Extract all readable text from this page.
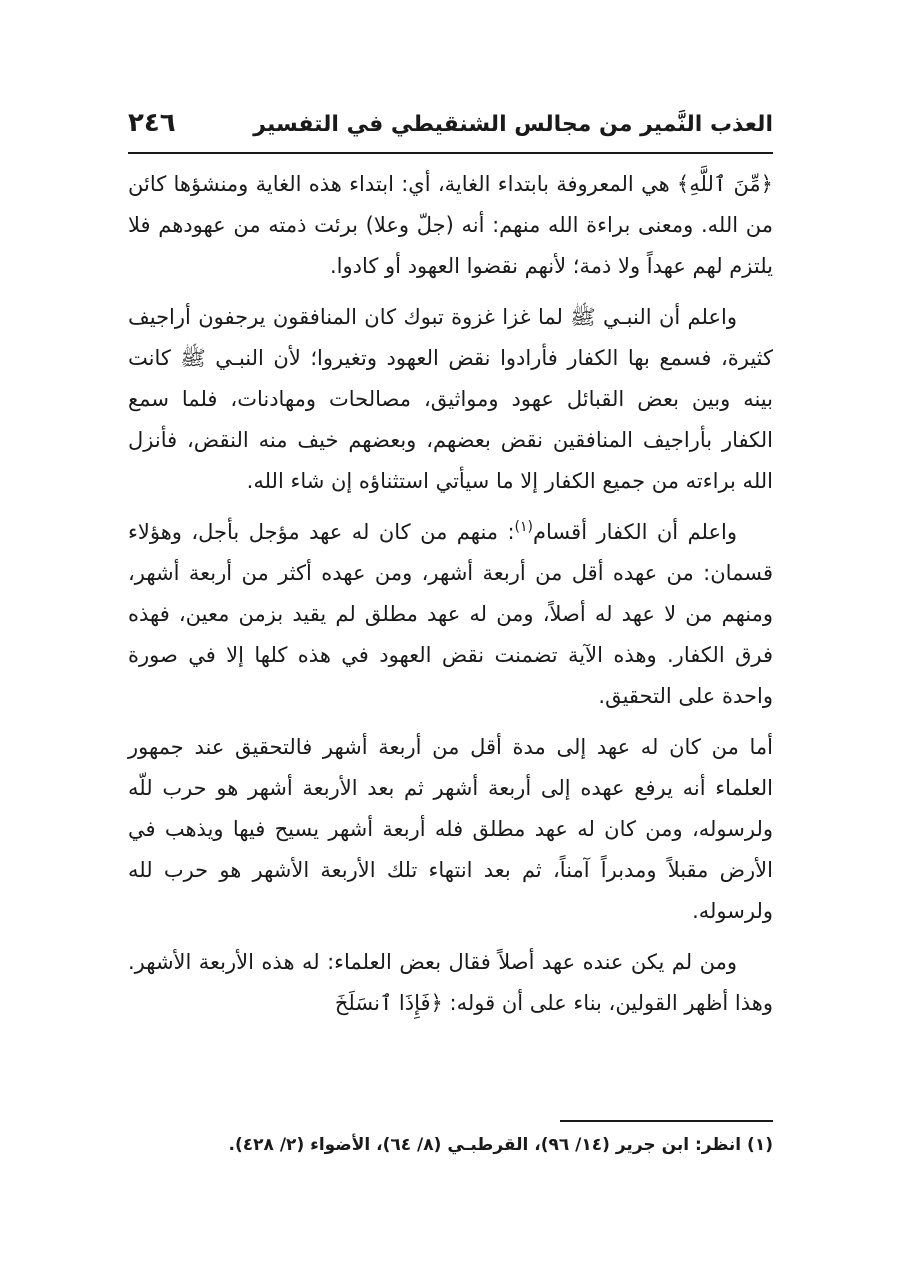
العذب النَّمير من مجالس الشنقيطي في التفسير
٢٤٦

﴿مِّنَ ٱللَّهِ﴾ هي المعروفة بابتداء الغاية، أي: ابتداء هذه الغاية ومنشؤها كائن من الله. ومعنى براءة الله منهم: أنه (جلّ وعلا) برئت ذمته من عهودهم فلا يلتزم لهم عهداً ولا ذمة؛ لأنهم نقضوا العهود أو كادوا.

واعلم أن النبـي ﷺ لما غزا غزوة تبوك كان المنافقون يرجفون أراجيف كثيرة، فسمع بها الكفار فأرادوا نقض العهود وتغيروا؛ لأن النبـي ﷺ كانت بينه وبين بعض القبائل عهود ومواثيق، مصالحات ومهادنات، فلما سمع الكفار بأراجيف المنافقين نقض بعضهم، وبعضهم خيف منه النقض، فأنزل الله براءته من جميع الكفار إلا ما سيأتي استثناؤه إن شاء الله.

واعلم أن الكفار أقسام$^{(١)}$: منهم من كان له عهد مؤجل بأجل، وهؤلاء قسمان: من عهده أقل من أربعة أشهر، ومن عهده أكثر من أربعة أشهر، ومنهم من لا عهد له أصلاً، ومن له عهد مطلق لم يقيد بزمن معين، فهذه فرق الكفار. وهذه الآية تضمنت نقض العهود في هذه كلها إلا في صورة واحدة على التحقيق.

أما من كان له عهد إلى مدة أقل من أربعة أشهر فالتحقيق عند جمهور العلماء أنه يرفع عهده إلى أربعة أشهر ثم بعد الأربعة أشهر هو حرب للّه ولرسوله، ومن كان له عهد مطلق فله أربعة أشهر يسيح فيها ويذهب في الأرض مقبلاً ومدبراً آمناً، ثم بعد انتهاء تلك الأربعة الأشهر هو حرب لله ولرسوله.

ومن لم يكن عنده عهد أصلاً فقال بعض العلماء: له هذه الأربعة الأشهر. وهذا أظهر القولين، بناء على أن قوله: ﴿فَإِذَا ٱنسَلَخَ

(١) انظر: ابن جرير (١٤/ ٩٦)، القرطبـي (٨/ ٦٤)، الأضواء (٢/ ٤٢٨).
